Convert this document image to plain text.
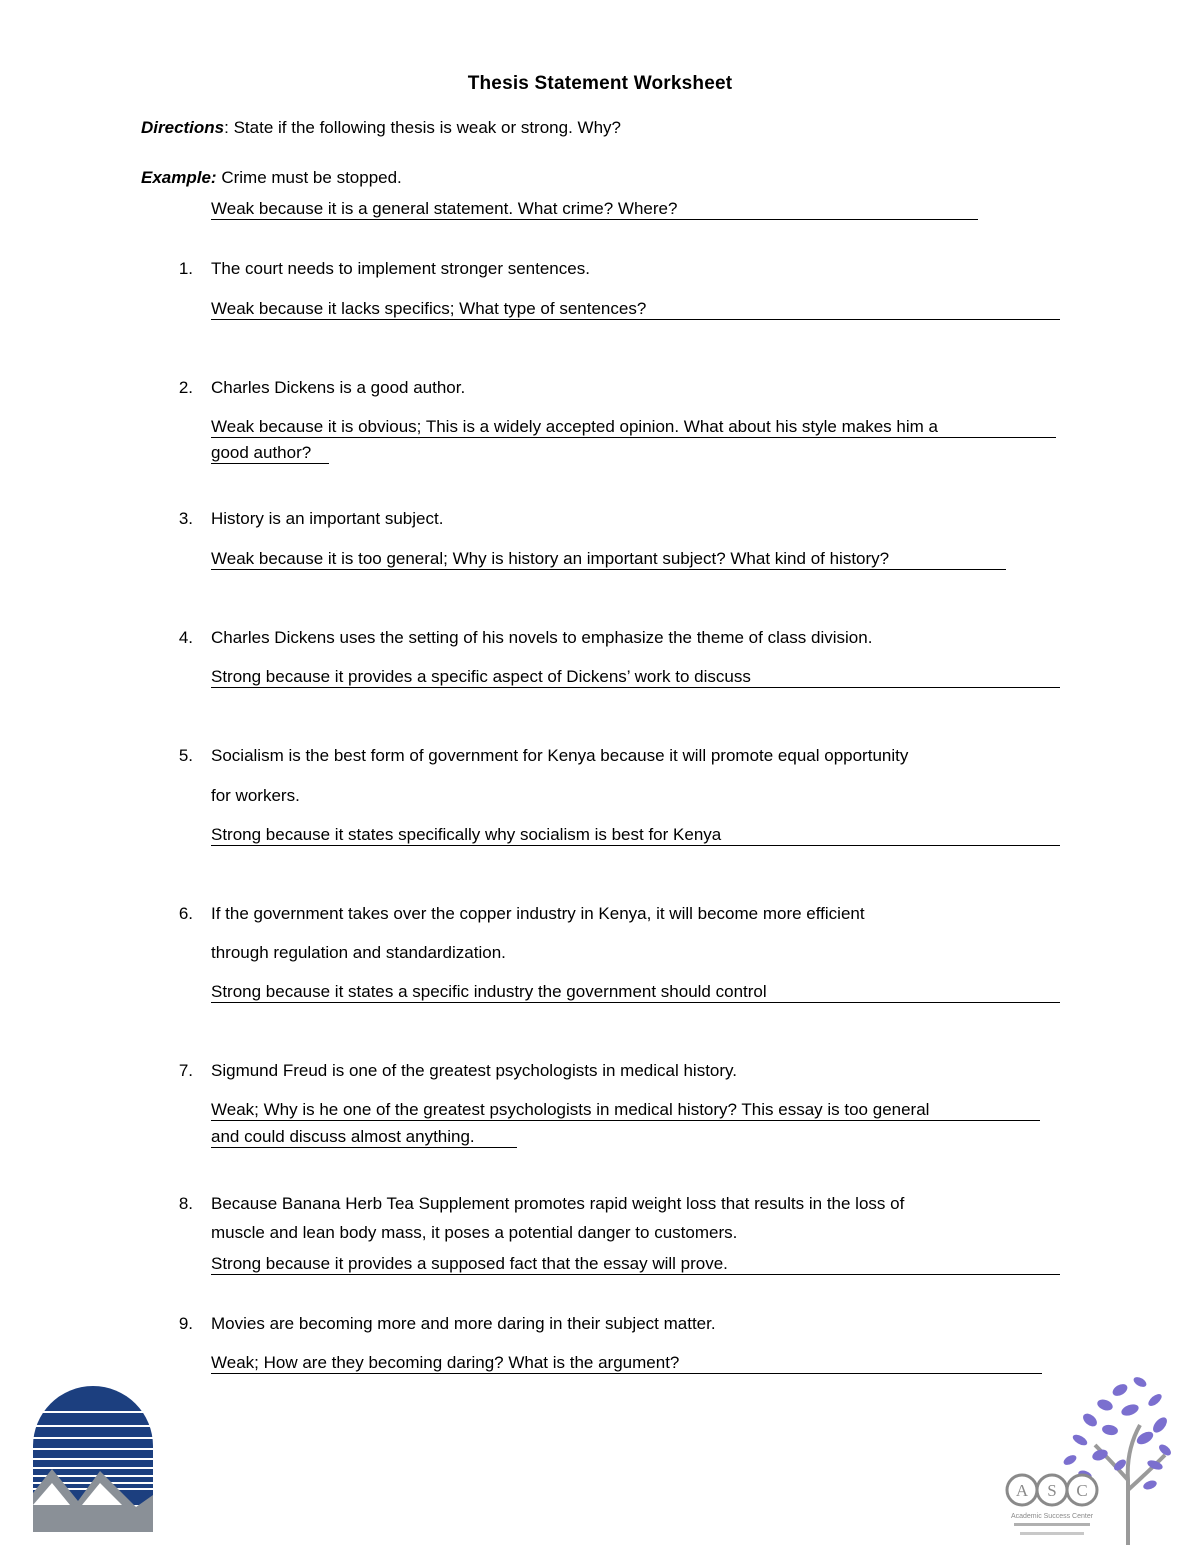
Thesis Statement Worksheet
Directions: State if the following thesis is weak or strong. Why?
Example: Crime must be stopped.
Weak because it is a general statement. What crime? Where?
1. The court needs to implement stronger sentences.
Weak because it lacks specifics; What type of sentences?
2. Charles Dickens is a good author.
Weak because it is obvious; This is a widely accepted opinion. What about his style makes him a
good author?
3. History is an important subject.
Weak because it is too general; Why is history an important subject? What kind of history?
4. Charles Dickens uses the setting of his novels to emphasize the theme of class division.
Strong because it provides a specific aspect of Dickens’ work to discuss
5. Socialism is the best form of government for Kenya because it will promote equal opportunity
for workers.
Strong because it states specifically why socialism is best for Kenya
6. If the government takes over the copper industry in Kenya, it will become more efficient
through regulation and standardization.
Strong because it states a specific industry the government should control
7. Sigmund Freud is one of the greatest psychologists in medical history.
Weak; Why is he one of the greatest psychologists in medical history? This essay is too general
and could discuss almost anything.
8. Because Banana Herb Tea Supplement promotes rapid weight loss that results in the loss of
muscle and lean body mass, it poses a potential danger to customers.
Strong because it provides a supposed fact that the essay will prove.
9. Movies are becoming more and more daring in their subject matter.
Weak; How are they becoming daring? What is the argument?
A S C
Academic Success Center
